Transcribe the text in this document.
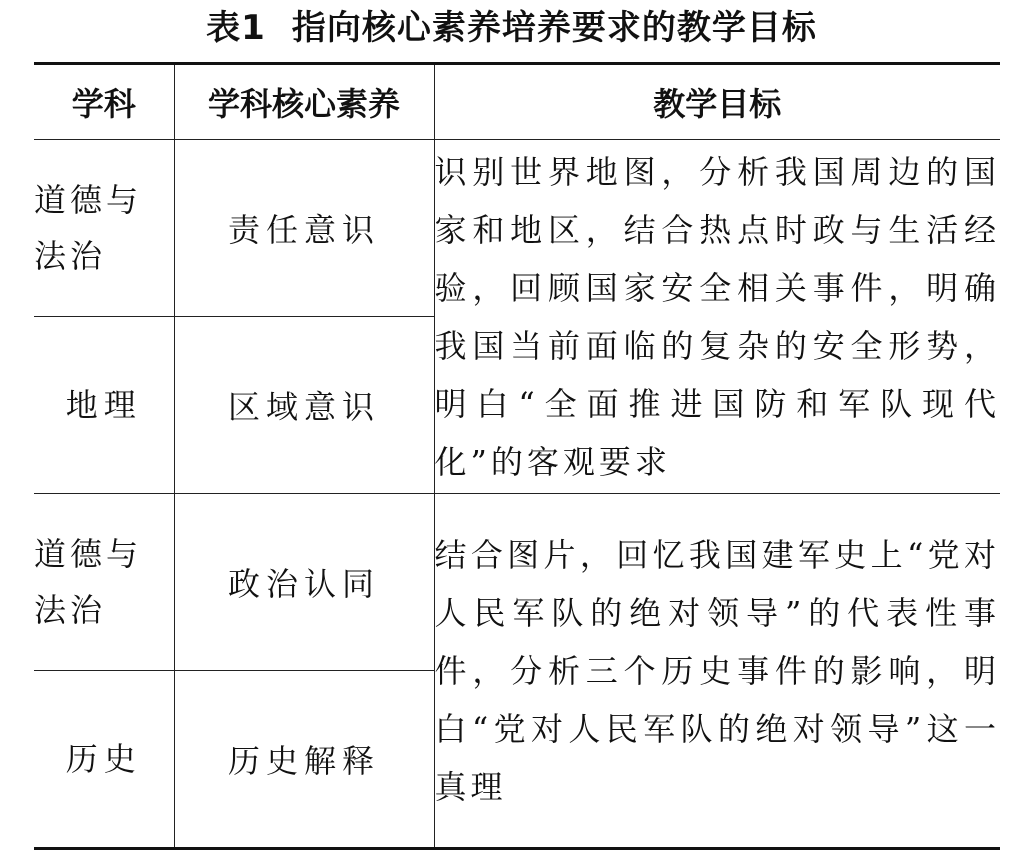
表1 指向核心素养培养要求的教学目标
学科	学科核心素养	教学目标
道德与法治	责任意识	识别世界地图，分析我国周边的国家和地区，结合热点时政与生活经验，回顾国家安全相关事件，明确我国当前面临的复杂的安全形势，明白“全面推进国防和军队现代化”的客观要求
地理	区域意识	
道德与法治	政治认同	结合图片，回忆我国建军史上“党对人民军队的绝对领导”的代表性事件，分析三个历史事件的影响，明白“党对人民军队的绝对领导”这一真理
历史	历史解释	
